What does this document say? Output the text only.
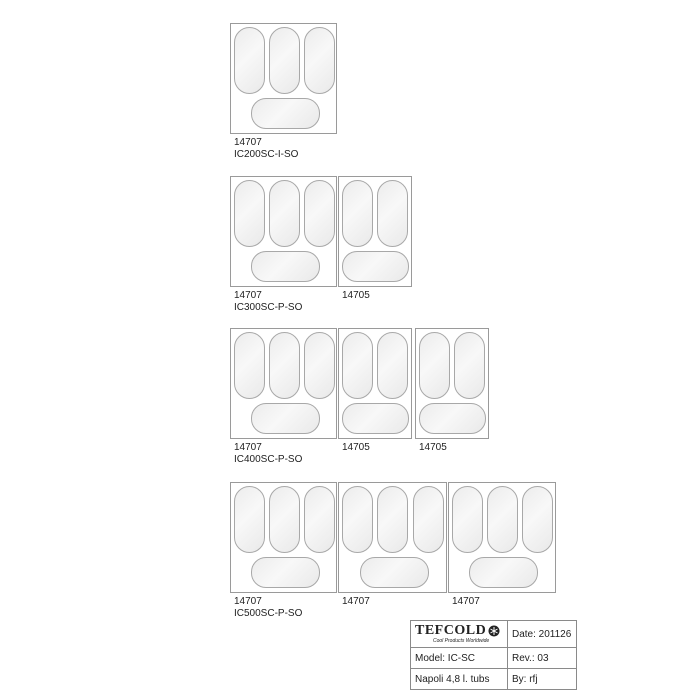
14707
IC200SC-I-SO
14707	14705
IC300SC-P-SO
14707	14705	14705
IC400SC-P-SO
14707	14707	14707
IC500SC-P-SO
TEFCOLD
Cool Products Worldwide	Date: 201126
Model: IC-SC	Rev.: 03
Napoli 4,8 l. tubs	By: rfj
